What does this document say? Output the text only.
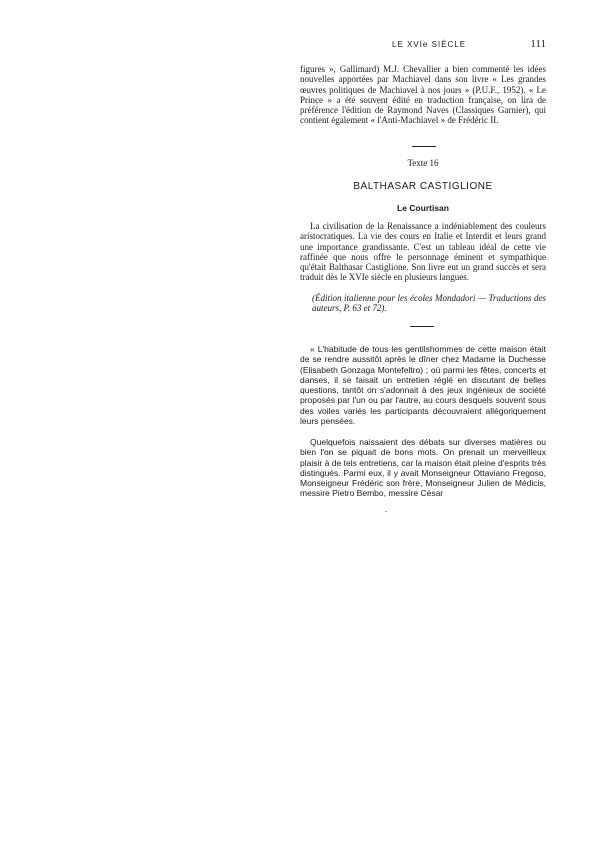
LE XVIe SIÈCLE	111

figures », Gallimard) M.J. Chevallier a bien commenté les idées nouvelles apportées par Machiavel dans son livre « Les grandes œuvres politiques de Machiavel à nos jours » (P.U.F., 1952). « Le Prince » a été souvent édité en traduction française, on lira de préférence l'édition de Raymond Naves (Classiques Garnier), qui contient également « l'Anti-Machiavel » de Frédéric II.

Texte 16

BALTHASAR CASTIGLIONE

Le Courtisan

La civilisation de la Renaissance a indéniablement des couleurs aristocratiques. La vie des cours en Italie et Interdit et leurs grand une importance grandissante. C'est un tableau idéal de cette vie raffinée que nous offre le personnage éminent et sympathique qu'était Balthasar Castiglione. Son livre eut un grand succès et sera traduit dès le XVIe siècle en plusieurs langues.

(Édition italienne pour les écoles Mondadori — Traductions des auteurs, P. 63 et 72).

« L'habitude de tous les gentilshommes de cette maison était de se rendre aussitôt après le dîner chez Madame la Duchesse (Elisabeth Gonzaga Montefeltro) ; où parmi les fêtes, concerts et danses, il se faisait un entretien réglé en discutant de belles questions, tantôt on s'adonnait à des jeux ingénieux de société proposés par l'un ou par l'autre, au cours desquels souvent sous des voiles variés les participants découvraient allégoriquement leurs pensées.

Quelquefois naissaient des débats sur diverses matières ou bien l'on se piquait de bons mots. On prenait un merveilleux plaisir à de tels entretiens, car la maison était pleine d'esprits très distingués. Parmi eux, il y avait Monseigneur Ottaviano Fregoso, Monseigneur Frédéric son frère, Monseigneur Julien de Médicis, messire Pietro Bembo, messire César

.
